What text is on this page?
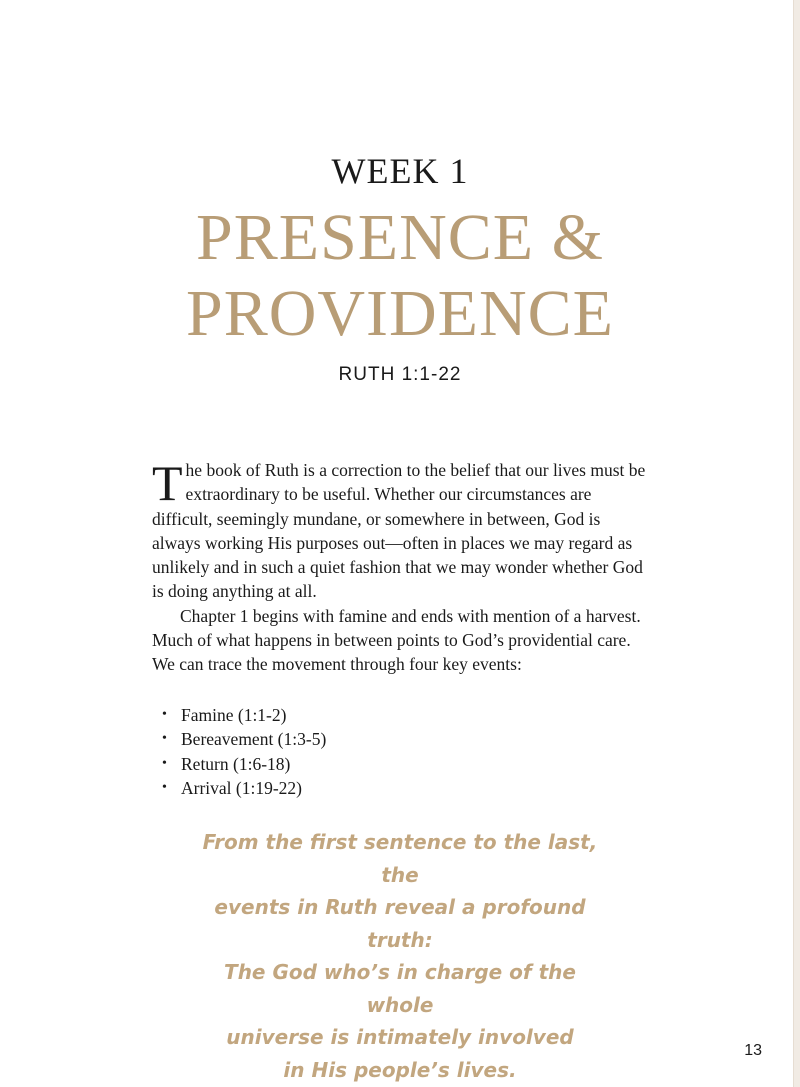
WEEK 1
PRESENCE &
PROVIDENCE
RUTH 1:1-22

The book of Ruth is a correction to the belief that our lives must be extraordinary to be useful. Whether our circumstances are difficult, seemingly mundane, or somewhere in between, God is always working His purposes out—often in places we may regard as unlikely and in such a quiet fashion that we may wonder whether God is doing anything at all.

Chapter 1 begins with famine and ends with mention of a harvest. Much of what happens in between points to God’s providential care. We can trace the movement through four key events:

• Famine (1:1-2)
• Bereavement (1:3-5)
• Return (1:6-18)
• Arrival (1:19-22)
From the first sentence to the last, the
events in Ruth reveal a profound truth:
The God who’s in charge of the whole
universe is intimately involved
in His people’s lives.
13
